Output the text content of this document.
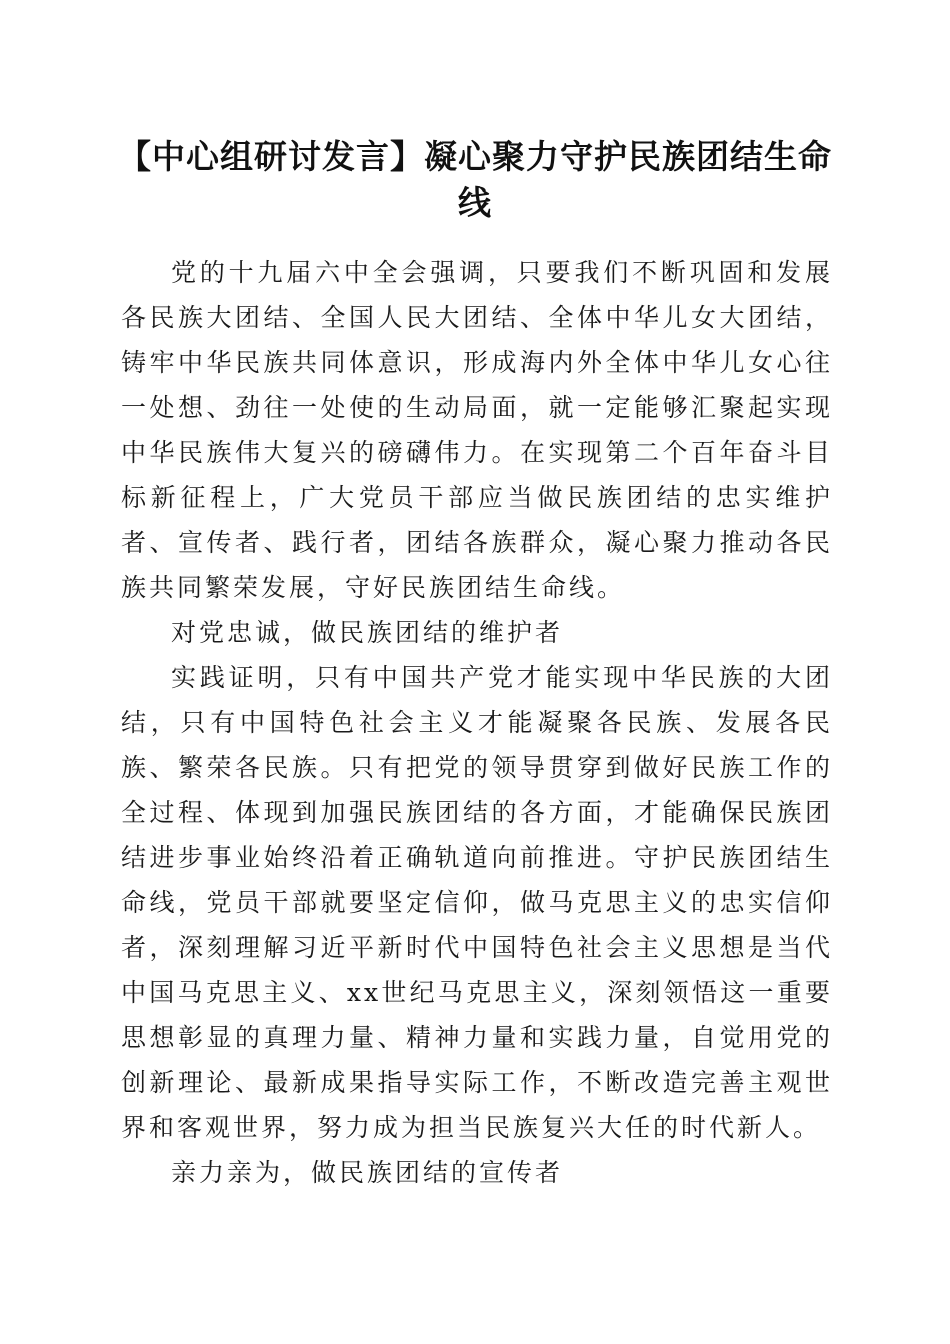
【中心组研讨发言】凝心聚力守护民族团结生命线

党的十九届六中全会强调，只要我们不断巩固和发展各民族大团结、全国人民大团结、全体中华儿女大团结，铸牢中华民族共同体意识，形成海内外全体中华儿女心往一处想、劲往一处使的生动局面，就一定能够汇聚起实现中华民族伟大复兴的磅礴伟力。在实现第二个百年奋斗目标新征程上，广大党员干部应当做民族团结的忠实维护者、宣传者、践行者，团结各族群众，凝心聚力推动各民族共同繁荣发展，守好民族团结生命线。

对党忠诚，做民族团结的维护者

实践证明，只有中国共产党才能实现中华民族的大团结，只有中国特色社会主义才能凝聚各民族、发展各民族、繁荣各民族。只有把党的领导贯穿到做好民族工作的全过程、体现到加强民族团结的各方面，才能确保民族团结进步事业始终沿着正确轨道向前推进。守护民族团结生命线，党员干部就要坚定信仰，做马克思主义的忠实信仰者，深刻理解习近平新时代中国特色社会主义思想是当代中国马克思主义、xx世纪马克思主义，深刻领悟这一重要思想彰显的真理力量、精神力量和实践力量，自觉用党的创新理论、最新成果指导实际工作，不断改造完善主观世界和客观世界，努力成为担当民族复兴大任的时代新人。

亲力亲为，做民族团结的宣传者
